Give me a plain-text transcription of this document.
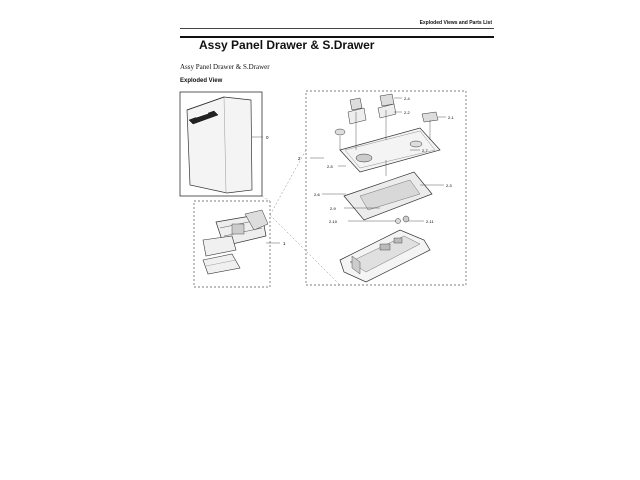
Exploded Views and Parts List
Assy Panel Drawer & S.Drawer
Assy Panel Drawer & S.Drawer
Exploded View
0
1
2
2-4
2-2
2-1
2-7
2-5
2-3
2-6
2-9
2-10	2-11
